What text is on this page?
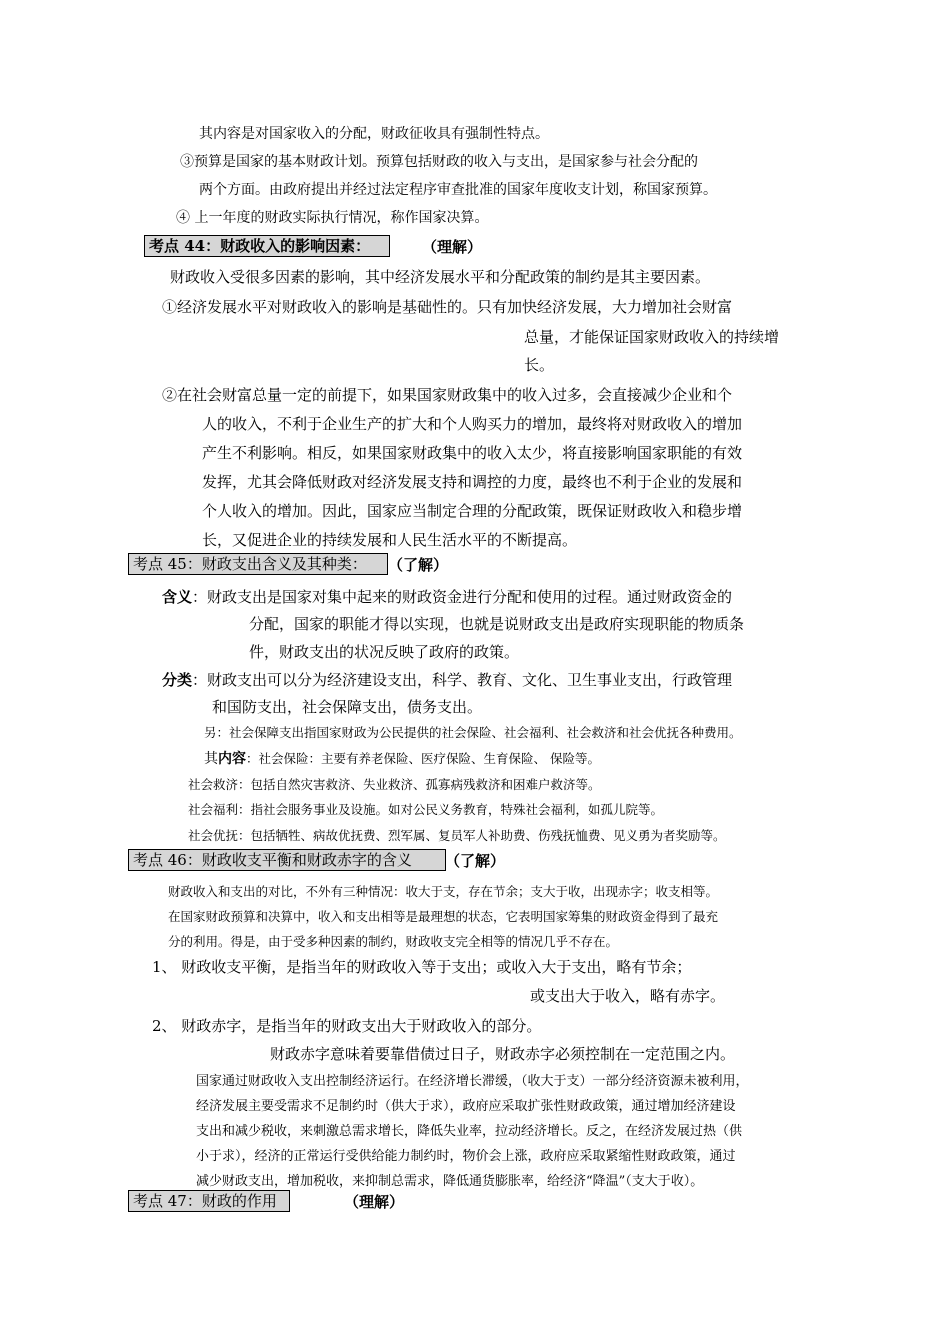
其内容是对国家收入的分配，财政征收具有强制性特点。
③预算是国家的基本财政计划。预算包括财政的收入与支出，是国家参与社会分配的
两个方面。由政府提出并经过法定程序审查批准的国家年度收支计划，称国家预算。
④ 上一年度的财政实际执行情况，称作国家决算。
考点 44：财政收入的影响因素：	（理解）
财政收入受很多因素的影响，其中经济发展水平和分配政策的制约是其主要因素。
①经济发展水平对财政收入的影响是基础性的。只有加快经济发展，大力增加社会财富
总量，才能保证国家财政收入的持续增
长。
②在社会财富总量一定的前提下，如果国家财政集中的收入过多，会直接减少企业和个
人的收入，不利于企业生产的扩大和个人购买力的增加，最终将对财政收入的增加
产生不利影响。相反，如果国家财政集中的收入太少，将直接影响国家职能的有效
发挥，尤其会降低财政对经济发展支持和调控的力度，最终也不利于企业的发展和
个人收入的增加。因此，国家应当制定合理的分配政策，既保证财政收入和稳步增
长，又促进企业的持续发展和人民生活水平的不断提高。
考点 45：财政支出含义及其种类：	（了解）
含义：财政支出是国家对集中起来的财政资金进行分配和使用的过程。通过财政资金的
分配，国家的职能才得以实现，也就是说财政支出是政府实现职能的物质条
件，财政支出的状况反映了政府的政策。
分类：财政支出可以分为经济建设支出，科学、教育、文化、卫生事业支出，行政管理
和国防支出，社会保障支出，债务支出。
另：社会保障支出指国家财政为公民提供的社会保险、社会福利、社会救济和社会优抚各种费用。
其内容：社会保险：主要有养老保险、医疗保险、生育保险、 保险等。
社会救济：包括自然灾害救济、失业救济、孤寡病残救济和困难户救济等。
社会福利：指社会服务事业及设施。如对公民义务教育，特殊社会福利，如孤儿院等。
社会优抚：包括牺牲、病故优抚费、烈军属、复员军人补助费、伤残抚恤费、见义勇为者奖励等。
考点 46：财政收支平衡和财政赤字的含义	（了解）
财政收入和支出的对比，不外有三种情况：收大于支，存在节余；支大于收，出现赤字；收支相等。
在国家财政预算和决算中，收入和支出相等是最理想的状态，它表明国家筹集的财政资金得到了最充
分的利用。得是，由于受多种因素的制约，财政收支完全相等的情况几乎不存在。
1、 财政收支平衡，是指当年的财政收入等于支出；或收入大于支出，略有节余；
或支出大于收入，略有赤字。
2、 财政赤字，是指当年的财政支出大于财政收入的部分。
财政赤字意味着要靠借债过日子，财政赤字必须控制在一定范围之内。
国家通过财政收入支出控制经济运行。在经济增长滞缓，（收大于支）一部分经济资源未被利用，
经济发展主要受需求不足制约时（供大于求），政府应采取扩张性财政政策，通过增加经济建设
支出和减少税收，来刺激总需求增长，降低失业率，拉动经济增长。反之，在经济发展过热（供
小于求），经济的正常运行受供给能力制约时，物价会上涨，政府应采取紧缩性财政政策，通过
减少财政支出，增加税收，来抑制总需求，降低通货膨胀率，给经济“降温”（支大于收）。
考点 47：财政的作用	（理解）
